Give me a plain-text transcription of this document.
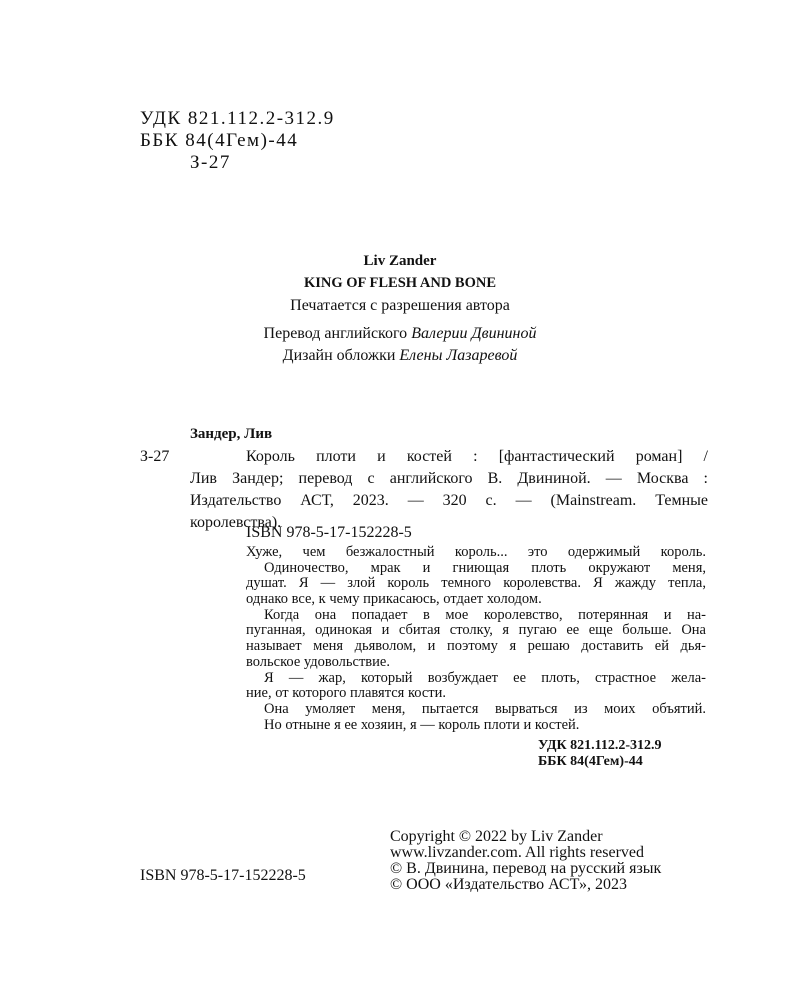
УДК 821.112.2-312.9
ББК 84(4Гем)-44
З-27
Liv Zander
KING OF FLESH AND BONE
Печатается с разрешения автора
Перевод английского Валерии Двининой
Дизайн обложки Елены Лазаревой
Зандер, Лив
З-27	Король плоти и костей : [фантастический роман] /
Лив Зандер; перевод с английского В. Двининой. — Москва :
Издательство АСТ, 2023. — 320 с. — (Mainstream. Темные
королевства).
ISBN 978-5-17-152228-5
Хуже, чем безжалостный король... это одержимый король.
Одиночество, мрак и гниющая плоть окружают меня,
душат. Я — злой король темного королевства. Я жажду тепла,
однако все, к чему прикасаюсь, отдает холодом.
Когда она попадает в мое королевство, потерянная и на-
пуганная, одинокая и сбитая столку, я пугаю ее еще больше. Она
называет меня дьяволом, и поэтому я решаю доставить ей дья-
вольское удовольствие.
Я — жар, который возбуждает ее плоть, страстное жела-
ние, от которого плавятся кости.
Она умоляет меня, пытается вырваться из моих объятий.
Но отныне я ее хозяин, я — король плоти и костей.
УДК 821.112.2-312.9
ББК 84(4Гем)-44
Copyright © 2022 by Liv Zander
www.livzander.com. All rights reserved
© В. Двинина, перевод на русский язык
ISBN 978-5-17-152228-5
© ООО «Издательство АСТ», 2023
